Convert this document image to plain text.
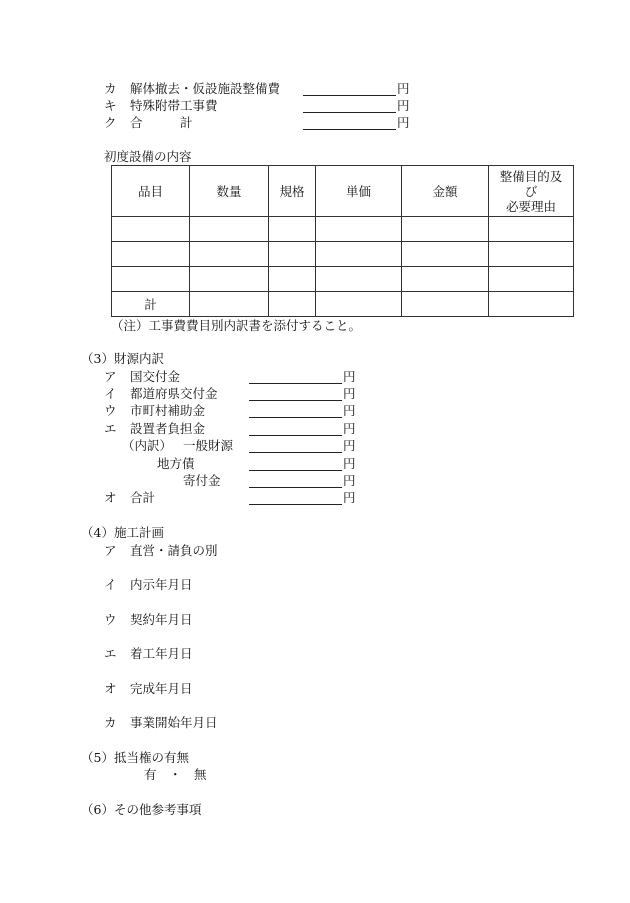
カ 解体撤去・仮設施設整備費	円
キ 特殊附帯工事費	円
ク 合　　　計	円
初度設備の内容
品目	数量	規格	単価	金額	整備目的及
び
必要理由

計					
（注）工事費費目別内訳書を添付すること。
（3）財源内訳
ア 国交付金	円
イ 都道府県交付金	円
ウ 市町村補助金	円
エ 設置者負担金	円
（内訳） 一般財源	円
地方債	円
寄付金	円
オ 合計	円
（4）施工計画
ア 直営・請負の別
イ 内示年月日
ウ 契約年月日
エ 着工年月日
オ 完成年月日
カ 事業開始年月日
（5）抵当権の有無
有　・　無
（6）その他参考事項
